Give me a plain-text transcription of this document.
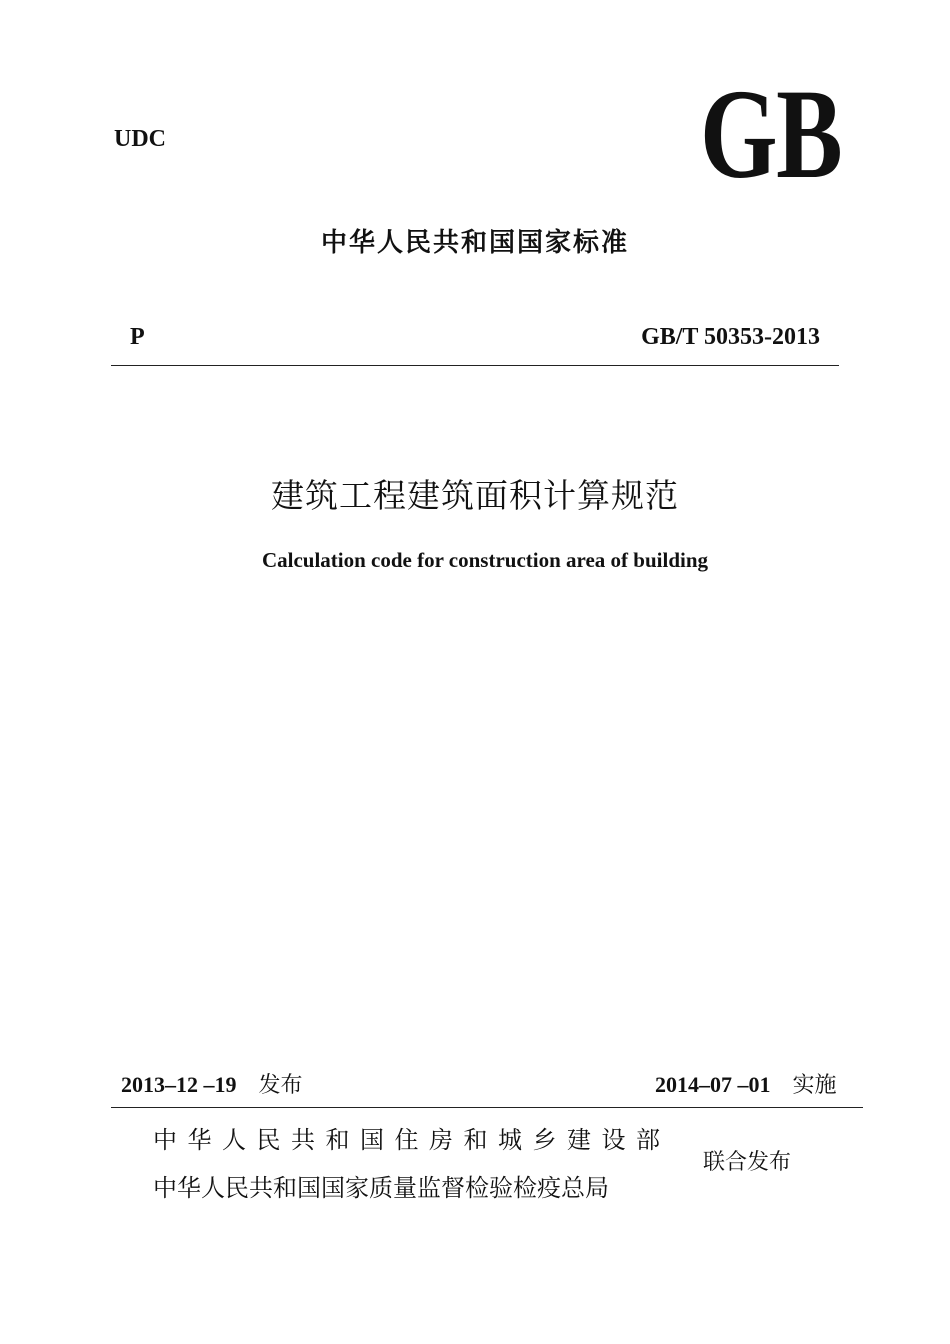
UDC	GB
中华人民共和国国家标准
P	GB/T 50353-2013
建筑工程建筑面积计算规范
Calculation code for construction area of building
2013–12 –19 发布	2014–07 –01 实施
中华人民共和国住房和城乡建设部
中华人民共和国国家质量监督检验检疫总局
联合发布
